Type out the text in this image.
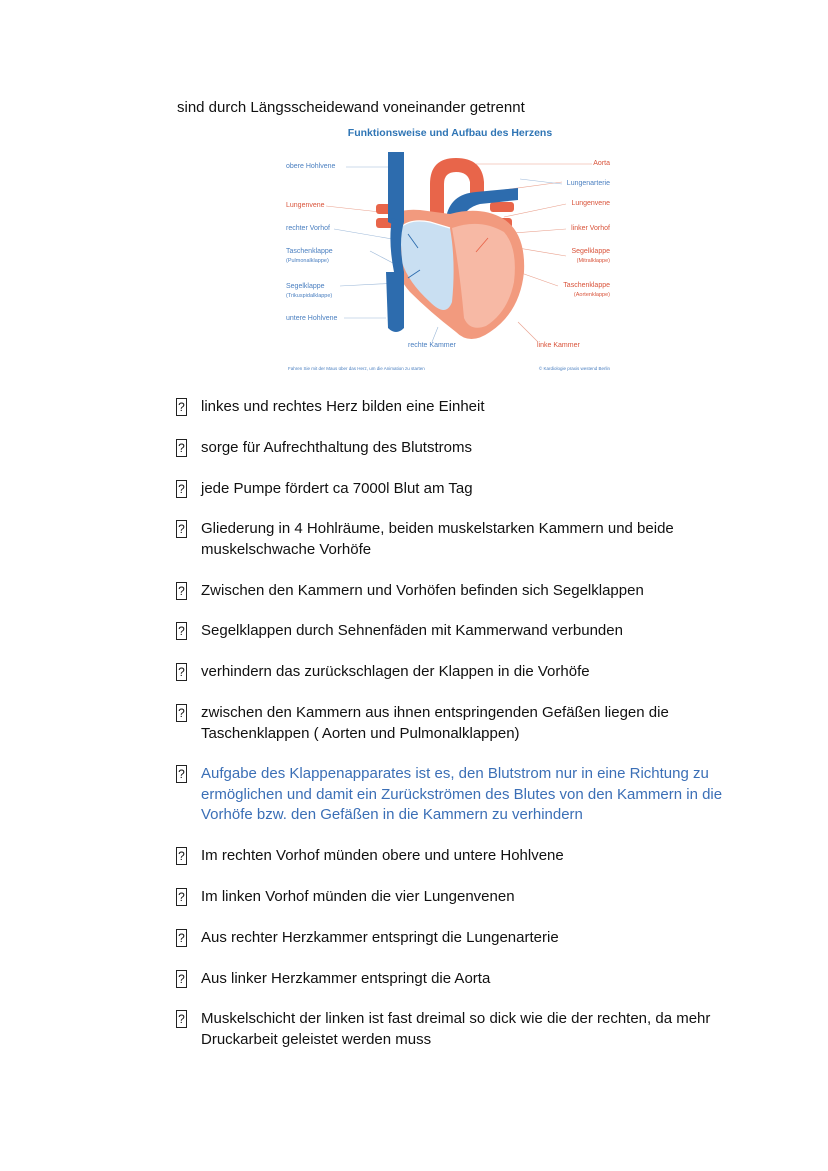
sind durch Längsscheidewand voneinander getrennt
Funktionsweise und Aufbau des Herzens
obere Hohlvene
Lungenvene
rechter Vorhof
Taschenklappe
(Pulmonalklappe)
Segelklappe
(Trikuspidalklappe)
untere Hohlvene
Aorta
Lungenarterie
Lungenvene
linker Vorhof
Segelklappe
(Mitralklappe)
Taschenklappe
(Aortenklappe)
rechte Kammer	linke Kammer
Fahren Sie mit der Maus über das Herz, um die Animation zu starten	© Kardiologie praxis westend Berlin
? linkes und rechtes Herz bilden eine Einheit
? sorge für Aufrechthaltung des Blutstroms
? jede Pumpe fördert ca 7000l Blut am Tag
? Gliederung in 4 Hohlräume, beiden muskelstarken Kammern und beide muskelschwache Vorhöfe
? Zwischen den Kammern und Vorhöfen befinden sich Segelklappen
? Segelklappen durch Sehnenfäden mit Kammerwand verbunden
? verhindern das zurückschlagen der Klappen in die Vorhöfe
? zwischen den Kammern aus ihnen entspringenden Gefäßen liegen die Taschenklappen ( Aorten und Pulmonalklappen)
? Aufgabe des Klappenapparates ist es, den Blutstrom nur in eine Richtung zu ermöglichen und damit ein Zurückströmen des Blutes von den Kammern in die Vorhöfe bzw. den Gefäßen in die Kammern zu verhindern
? Im rechten Vorhof münden obere und untere Hohlvene
? Im linken Vorhof münden die vier Lungenvenen
? Aus rechter Herzkammer entspringt die Lungenarterie
? Aus linker Herzkammer entspringt die Aorta
? Muskelschicht der linken ist fast dreimal so dick wie die der rechten, da mehr Druckarbeit geleistet werden muss
